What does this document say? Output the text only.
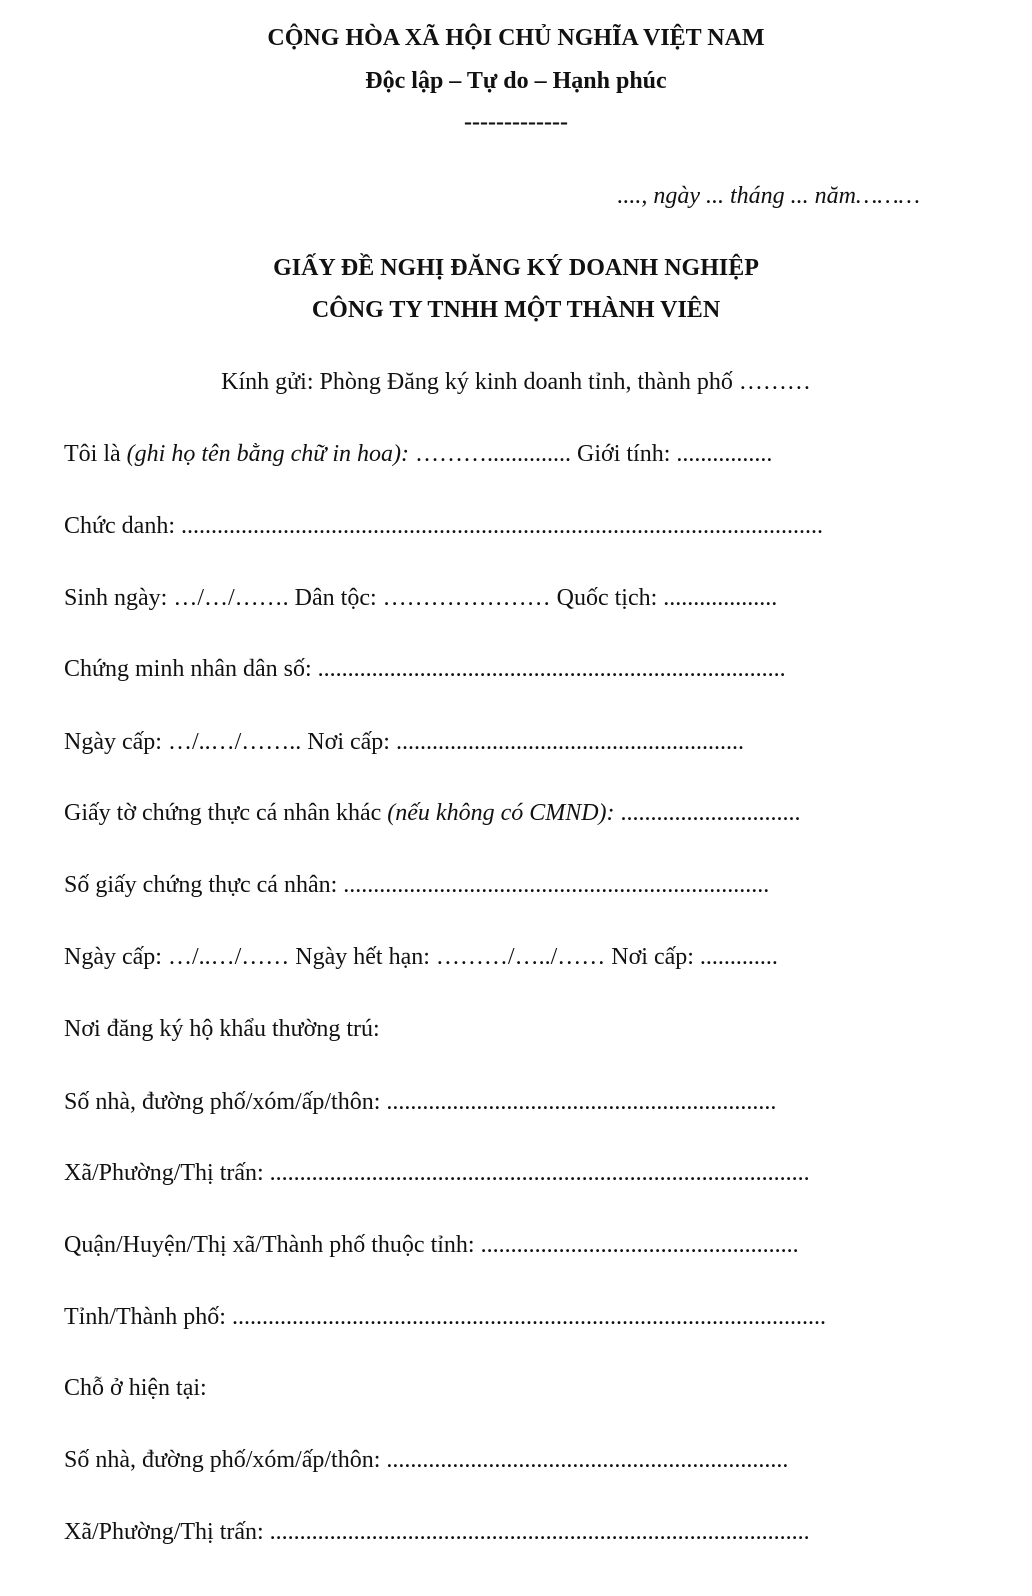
CỘNG HÒA XÃ HỘI CHỦ NGHĨA VIỆT NAM
Độc lập – Tự do – Hạnh phúc
-------------
...., ngày ... tháng ... năm………
GIẤY ĐỀ NGHỊ ĐĂNG KÝ DOANH NGHIỆP
CÔNG TY TNHH MỘT THÀNH VIÊN
Kính gửi: Phòng Đăng ký kinh doanh tỉnh, thành phố ………
Tôi là (ghi họ tên bằng chữ in hoa): ……….............. Giới tính: ................
Chức danh: ...........................................................................................................
Sinh ngày: …/…/……. Dân tộc: ………………… Quốc tịch: ...................
Chứng minh nhân dân số: ..............................................................................
Ngày cấp: …/..…/…….. Nơi cấp: ..........................................................
Giấy tờ chứng thực cá nhân khác (nếu không có CMND): ..............................
Số giấy chứng thực cá nhân: .......................................................................
Ngày cấp: …/..…/…… Ngày hết hạn: ………/…../…… Nơi cấp: .............
Nơi đăng ký hộ khẩu thường trú:
Số nhà, đường phố/xóm/ấp/thôn: .................................................................
Xã/Phường/Thị trấn: ..........................................................................................
Quận/Huyện/Thị xã/Thành phố thuộc tỉnh: .....................................................
Tỉnh/Thành phố: ...................................................................................................
Chỗ ở hiện tại:
Số nhà, đường phố/xóm/ấp/thôn: ...................................................................
Xã/Phường/Thị trấn: ..........................................................................................
